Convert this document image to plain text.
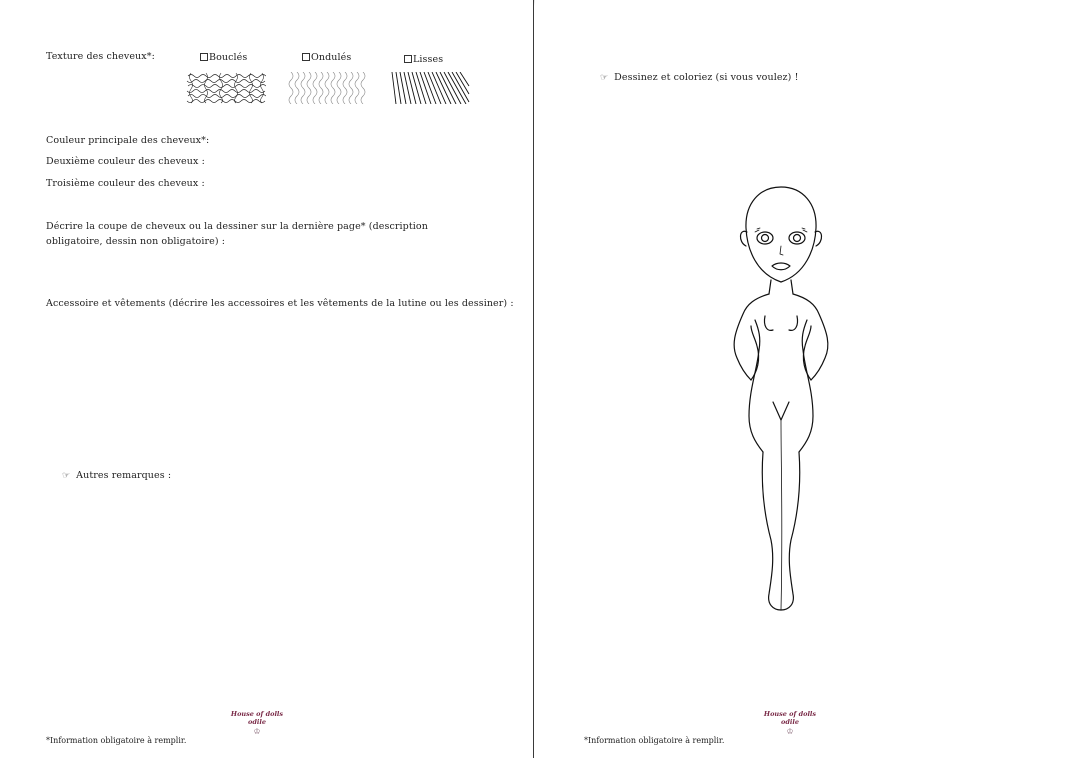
Texture des cheveux*:	Bouclés	Ondulés	Lisses
Couleur principale des cheveux*:
Deuxième couleur des cheveux :
Troisième couleur des cheveux :
Décrire la coupe de cheveux ou la dessiner sur la dernière page* (description obligatoire, dessin non obligatoire) :
Accessoire et vêtements (décrire les accessoires et les vêtements de la lutine ou les dessiner) :
☞ Autres remarques :
House of dolls odile
♔
*Information obligatoire à remplir.
☞ Dessinez et coloriez (si vous voulez) !
House of dolls odile
♔
*Information obligatoire à remplir.
